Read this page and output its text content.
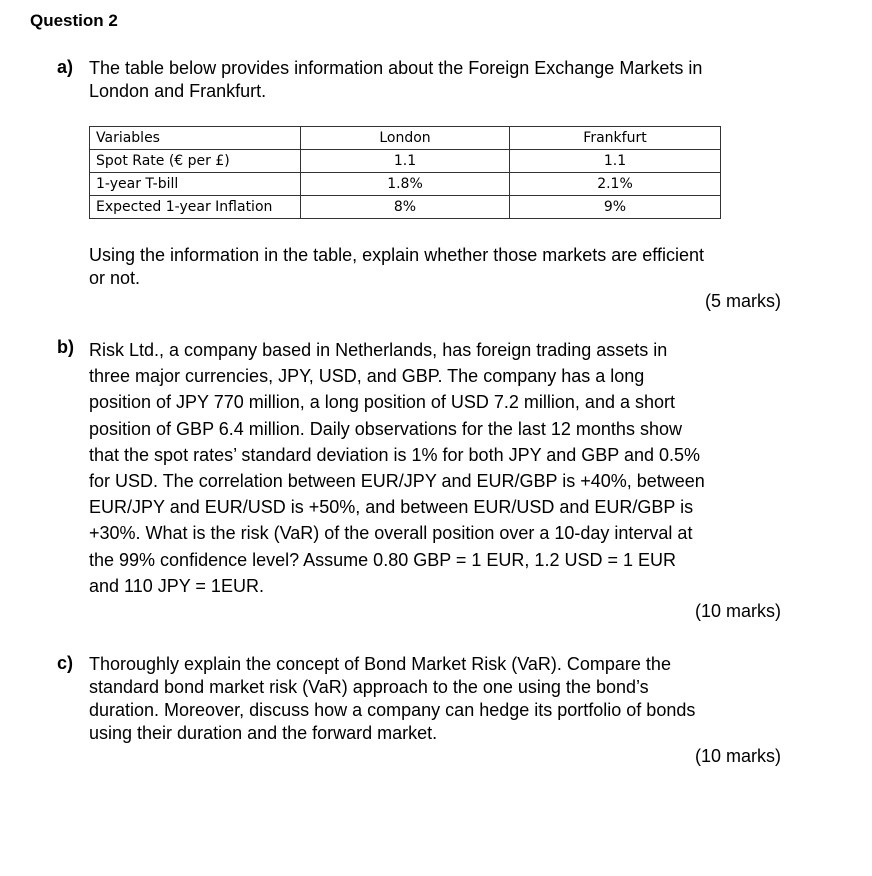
Question 2
a) The table below provides information about the Foreign Exchange Markets in
London and Frankfurt.
Variables	London	Frankfurt
Spot Rate (€ per £)	1.1	1.1
1-year T-bill	1.8%	2.1%
Expected 1-year Inflation	8%	9%
Using the information in the table, explain whether those markets are efficient
or not.
(5 marks)
b) Risk Ltd., a company based in Netherlands, has foreign trading assets in
three major currencies, JPY, USD, and GBP. The company has a long
position of JPY 770 million, a long position of USD 7.2 million, and a short
position of GBP 6.4 million. Daily observations for the last 12 months show
that the spot rates’ standard deviation is 1% for both JPY and GBP and 0.5%
for USD. The correlation between EUR/JPY and EUR/GBP is +40%, between
EUR/JPY and EUR/USD is +50%, and between EUR/USD and EUR/GBP is
+30%. What is the risk (VaR) of the overall position over a 10-day interval at
the 99% confidence level? Assume 0.80 GBP = 1 EUR, 1.2 USD = 1 EUR
and 110 JPY = 1EUR.
(10 marks)
c) Thoroughly explain the concept of Bond Market Risk (VaR). Compare the
standard bond market risk (VaR) approach to the one using the bond’s
duration. Moreover, discuss how a company can hedge its portfolio of bonds
using their duration and the forward market.
(10 marks)
